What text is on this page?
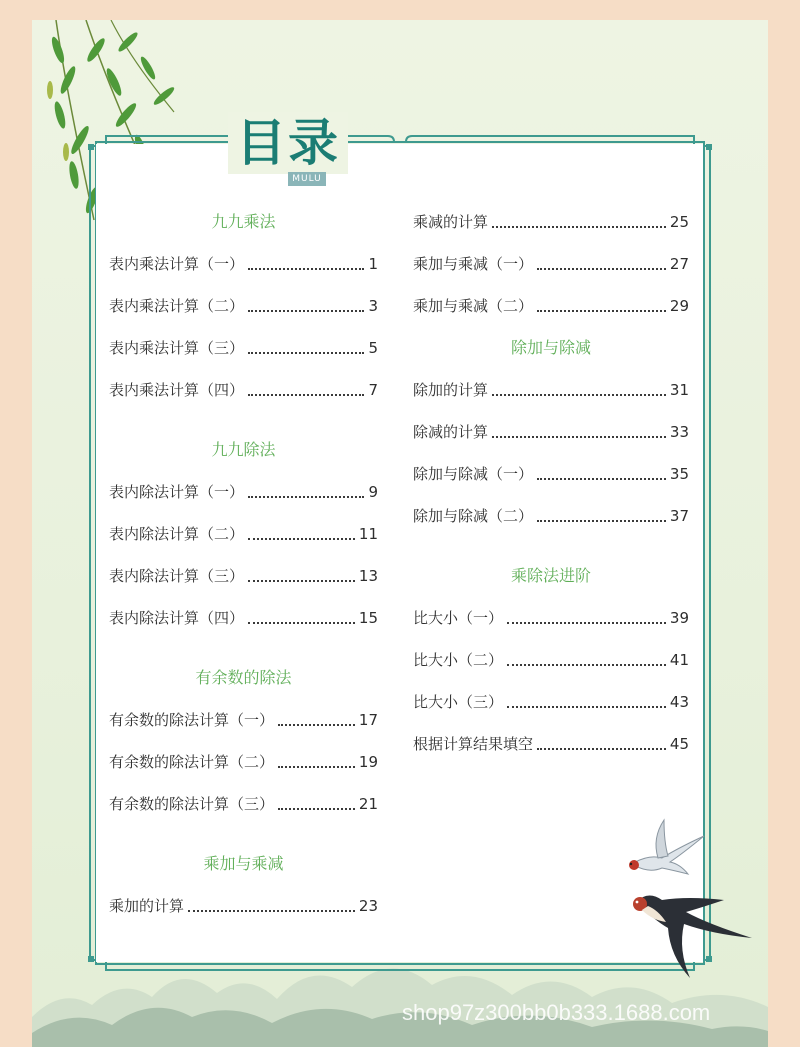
目录
MULU
九九乘法
表内乘法计算（一）	1
表内乘法计算（二）	3
表内乘法计算（三）	5
表内乘法计算（四）	7
九九除法
表内除法计算（一）	9
表内除法计算（二）	11
表内除法计算（三）	13
表内除法计算（四）	15
有余数的除法
有余数的除法计算（一）	17
有余数的除法计算（二）	19
有余数的除法计算（三）	21
乘加与乘减
乘加的计算	23
乘减的计算	25
乘加与乘减（一）	27
乘加与乘减（二）	29
除加与除减
除加的计算	31
除减的计算	33
除加与除减（一）	35
除加与除减（二）	37
乘除法进阶
比大小（一）	39
比大小（二）	41
比大小（三）	43
根据计算结果填空	45
shop97z300bb0b333.1688.com
